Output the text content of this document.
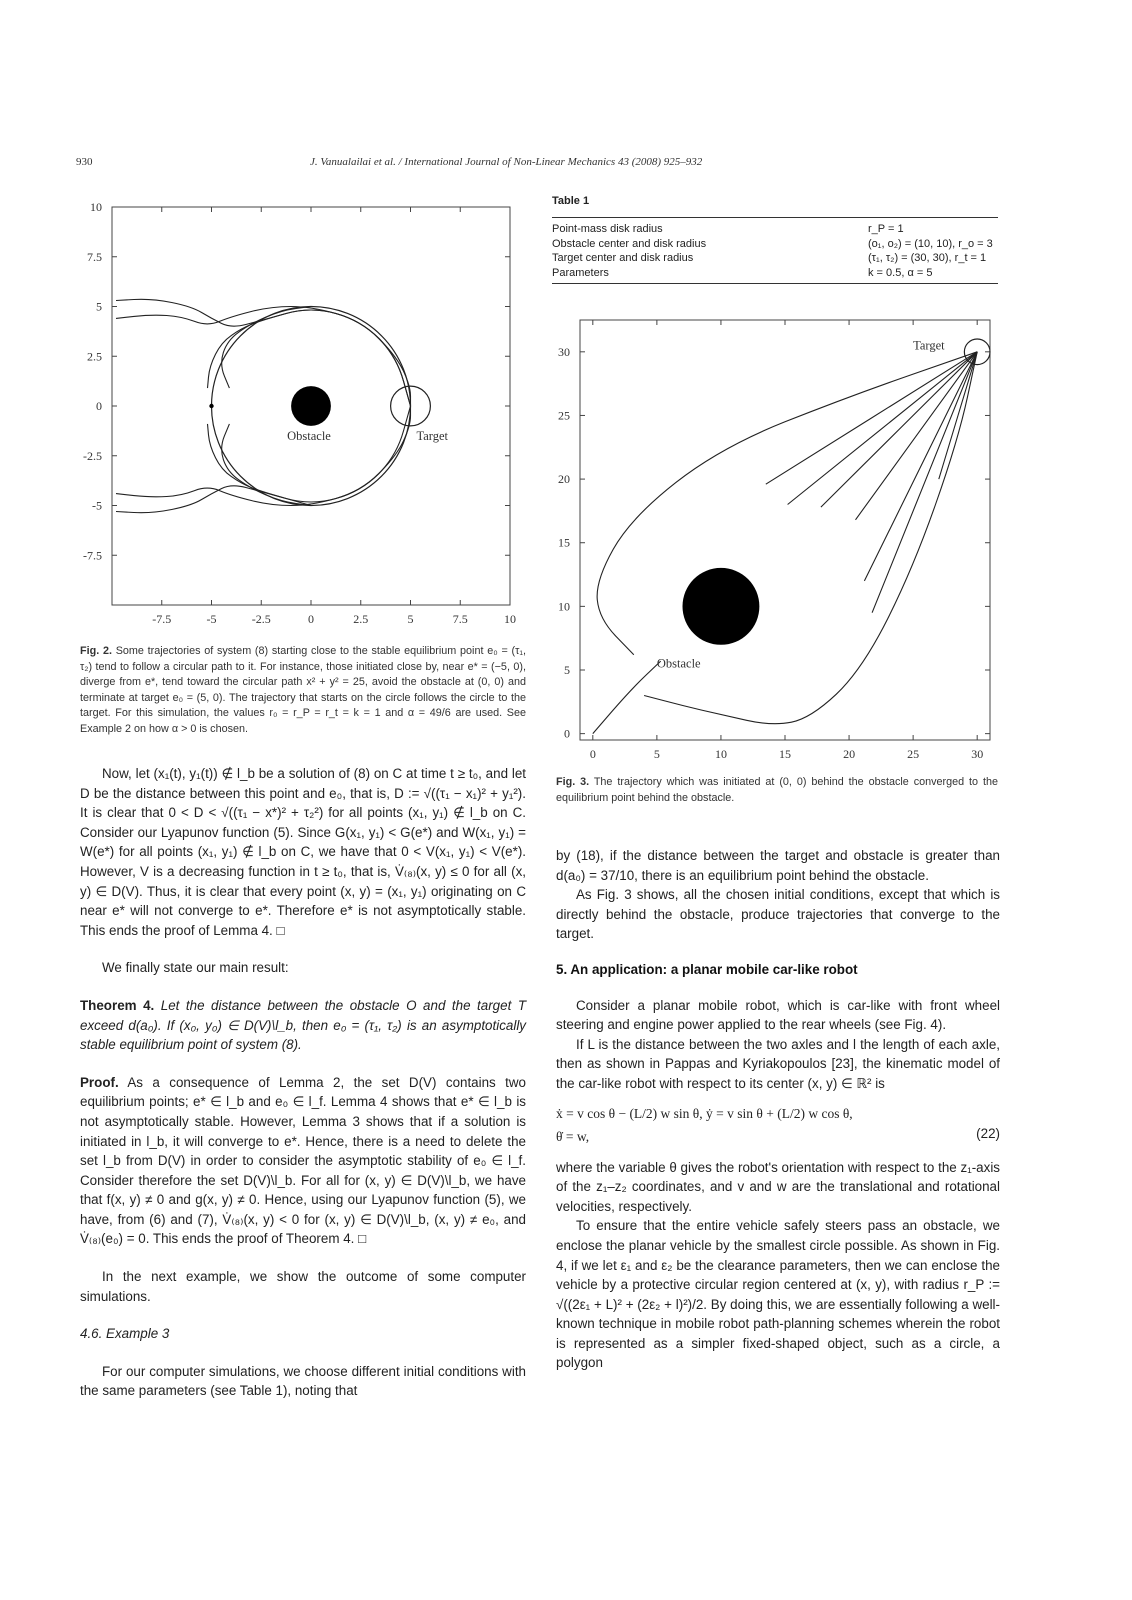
930	J. Vanualailai et al. / International Journal of Non-Linear Mechanics 43 (2008) 925–932
-7.5	-5	-2.5	0	2.5	5	7.5	10
10
7.5
5
2.5
0
-2.5
-5
-7.5
Obstacle	Target
Fig. 2. Some trajectories of system (8) starting close to the stable equilibrium point e₀ = (τ₁, τ₂) tend to follow a circular path to it. For instance, those initiated close by, near e* = (−5, 0), diverge from e*, tend toward the circular path x² + y² = 25, avoid the obstacle at (0, 0) and terminate at target e₀ = (5, 0). The trajectory that starts on the circle follows the circle to the target. For this simulation, the values r₀ = r_P = r_t = k = 1 and α = 49/6 are used. See Example 2 on how α > 0 is chosen.
Table 1
Point-mass disk radius	r_P = 1
Obstacle center and disk radius	(o₁, o₂) = (10, 10), r_o = 3
Target center and disk radius	(τ₁, τ₂) = (30, 30), r_t = 1
Parameters	k = 0.5, α = 5
0	5	10	15	20	25	30
30
25
20
15
10
5
0
Obstacle
Target
Fig. 3. The trajectory which was initiated at (0, 0) behind the obstacle converged to the equilibrium point behind the obstacle.

Now, let (x₁(t), y₁(t)) ∉ l_b be a solution of (8) on C at time t ≥ t₀, and let D be the distance between this point and e₀, that is, D := √((τ₁ − x₁)² + y₁²). It is clear that 0 < D < √((τ₁ − x*)² + τ₂²) for all points (x₁, y₁) ∉ l_b on C. Consider our Lyapunov function (5). Since G(x₁, y₁) < G(e*) and W(x₁, y₁) = W(e*) for all points (x₁, y₁) ∉ l_b on C, we have that 0 < V(x₁, y₁) < V(e*). However, V is a decreasing function in t ≥ t₀, that is, V̇₍₈₎(x, y) ≤ 0 for all (x, y) ∈ D(V). Thus, it is clear that every point (x, y) = (x₁, y₁) originating on C near e* will not converge to e*. Therefore e* is not asymptotically stable. This ends the proof of Lemma 4. □

We finally state our main result:

Theorem 4. Let the distance between the obstacle O and the target T exceed d(a₀). If (x₀, y₀) ∈ D(V)\l_b, then e₀ = (τ₁, τ₂) is an asymptotically stable equilibrium point of system (8).

Proof. As a consequence of Lemma 2, the set D(V) contains two equilibrium points; e* ∈ l_b and e₀ ∈ l_f. Lemma 4 shows that e* ∈ l_b is not asymptotically stable. However, Lemma 3 shows that if a solution is initiated in l_b, it will converge to e*. Hence, there is a need to delete the set l_b from D(V) in order to consider the asymptotic stability of e₀ ∈ l_f. Consider therefore the set D(V)\l_b. For all for (x, y) ∈ D(V)\l_b, we have that f(x, y) ≠ 0 and g(x, y) ≠ 0. Hence, using our Lyapunov function (5), we have, from (6) and (7), V̇₍₈₎(x, y) < 0 for (x, y) ∈ D(V)\l_b, (x, y) ≠ e₀, and V̇₍₈₎(e₀) = 0. This ends the proof of Theorem 4. □

In the next example, we show the outcome of some computer simulations.

4.6. Example 3

For our computer simulations, we choose different initial conditions with the same parameters (see Table 1), noting that

by (18), if the distance between the target and obstacle is greater than d(a₀) = 37/10, there is an equilibrium point behind the obstacle.

As Fig. 3 shows, all the chosen initial conditions, except that which is directly behind the obstacle, produce trajectories that converge to the target.

5. An application: a planar mobile car-like robot

Consider a planar mobile robot, which is car-like with front wheel steering and engine power applied to the rear wheels (see Fig. 4).

If L is the distance between the two axles and l the length of each axle, then as shown in Pappas and Kyriakopoulos [23], the kinematic model of the car-like robot with respect to its center (x, y) ∈ ℝ² is

ẋ = v cos θ − (L/2) w sin θ, ẏ = v sin θ + (L/2) w cos θ,
θ̇ = w,	(22)

where the variable θ gives the robot's orientation with respect to the z₁-axis of the z₁–z₂ coordinates, and v and w are the translational and rotational velocities, respectively.

To ensure that the entire vehicle safely steers pass an obstacle, we enclose the planar vehicle by the smallest circle possible. As shown in Fig. 4, if we let ε₁ and ε₂ be the clearance parameters, then we can enclose the vehicle by a protective circular region centered at (x, y), with radius r_P := √((2ε₁ + L)² + (2ε₂ + l)²)/2. By doing this, we are essentially following a well-known technique in mobile robot path-planning schemes wherein the robot is represented as a simpler fixed-shaped object, such as a circle, a polygon
